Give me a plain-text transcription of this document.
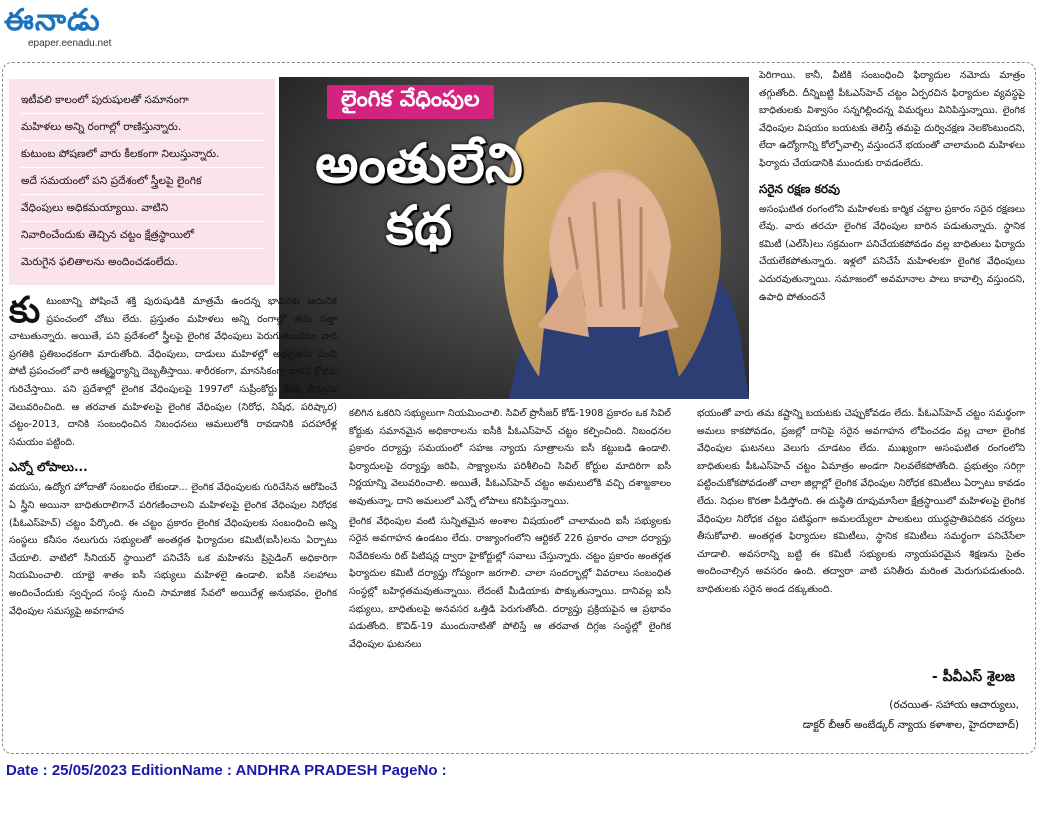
ఈనాడు
epaper.eenadu.net
ఇటీవలి కాలంలో పురుషులతో సమానంగా
మహిళలు అన్ని రంగాల్లో రాణిస్తున్నారు.
కుటుంబ పోషణలో వారు కీలకంగా నిలుస్తున్నారు.
అదే సమయంలో పని ప్రదేశంలో స్త్రీలపై లైంగిక
వేధింపులు అధికమయ్యాయి. వాటిని
నివారించేందుకు తెచ్చిన చట్టం క్షేత్రస్థాయిలో
మెరుగైన ఫలితాలను అందించడంలేదు.
లైంగిక వేధింపుల
అంతులేని
కథ

కుటుంబాన్ని పోషించే శక్తి పురుషుడికి మాత్రమే ఉందన్న భావనకు ఆధునిక ప్రపంచంలో చోటు లేదు. ప్రస్తుతం మహిళలు అన్ని రంగాల్లో తమ సత్తా చాటుతున్నారు. అయితే, పని ప్రదేశంలో స్త్రీలపై లైంగిక వేధింపులు పెరుగుతుండటం వారి ప్రగతికి ప్రతిబంధకంగా మారుతోంది. వేధింపులు, దాడులు మహిళల్లో అభద్రతను పెంచి పోటీ ప్రపంచంలో వారి ఆత్మస్థైర్యాన్ని దెబ్బతీస్తాయి. శారీరకంగా, మానసికంగా వారిని క్షోభకు గురిచేస్తాయి. పని ప్రదేశాల్లో లైంగిక వేధింపులపై 1997లో సుప్రీంకోర్టు కీలక తీర్పును వెలువరించింది. ఆ తరవాత మహిళలపై లైంగిక వేధింపుల (నిరోధ, నిషేధ, పరిష్కార) చట్టం-2013, దానికి సంబంధించిన నిబంధనలు ఆమలులోకి రావడానికి పదహారేళ్ల సమయం పట్టింది.

ఎన్నో లోపాలు...

వయసు, ఉద్యోగ హోదాతో సంబంధం లేకుండా... లైంగిక వేధింపులకు గురిచేసిన ఆరోపించే ఏ స్త్రీని అయినా బాధితురాలిగానే పరిగణించాలని మహిళలపై లైంగిక వేధింపుల నిరోధక (పీఓఎస్‌హెచ్‌) చట్టం పేర్కొంది. ఈ చట్టం ప్రకారం లైంగిక వేధింపులకు సంబంధించి అన్ని సంస్థలు కనీసం నలుగురు సభ్యులతో అంతర్గత ఫిర్యాదుల కమిటీ(ఐసీ)లను ఏర్పాటు చేయాలి. వాటిలో సీనియర్‌ స్థాయిలో పనిచేసే ఒక మహిళను ప్రిసైడింగ్‌ అధికారిగా నియమించాలి. యాభై శాతం ఐసీ సభ్యులు మహిళలై ఉండాలి. ఐసీకి సలహాలు అందించేందుకు స్వచ్ఛంద సంస్థ నుంచి సామాజిక సేవలో అయిదేళ్ల అనుభవం, లైంగిక వేధింపుల సమస్యపై అవగాహన

కలిగిన ఒకరిని సభ్యులుగా నియమించాలి. సివిల్‌ ప్రొసీజర్‌ కోడ్‌-1908 ప్రకారం ఒక సివిల్‌ కోర్టుకు సమానమైన అధికారాలను ఐసీకి పీఓఎస్‌హెచ్‌ చట్టం కల్పించింది. నిబంధనల ప్రకారం దర్యాప్తు సమయంలో సహజ న్యాయ సూత్రాలను ఐసీ కట్టుబడి ఉండాలి. ఫిర్యాదులపై దర్యాప్తు జరిపి, సాక్ష్యాలను పరిశీలించి సివిల్‌ కోర్టుల మాదిరిగా ఐసీ నిర్ణయాన్ని వెలువరించాలి. అయితే, పీఓఎస్‌హెచ్‌ చట్టం అమలులోకి వచ్చి దశాబ్దకాలం అవుతున్నా, దాని అమలులో ఎన్నో లోపాలు కనిపిస్తున్నాయి.

లైంగిక వేధింపుల వంటి సున్నితమైన అంశాల విషయంలో చాలామంది ఐసీ సభ్యులకు సరైన అవగాహన ఉండటం లేదు. రాజ్యాంగంలోని ఆర్టికల్‌ 226 ప్రకారం చాలా దర్యాప్తు నివేదికలను రిట్‌ పిటిషన్ల ద్వారా హైకోర్టుల్లో సవాలు చేస్తున్నారు. చట్టం ప్రకారం అంతర్గత ఫిర్యాదుల కమిటీ దర్యాప్తు గోప్యంగా జరగాలి. చాలా సందర్భాల్లో వివరాలు సంబంధిత సంస్థల్లో బహిర్గతమవుతున్నాయి. లేదంటే మీడియాకు పొక్కుతున్నాయి. దానివల్ల ఐసీ సభ్యులు, బాధితులపై అనవసర ఒత్తిడి పెరుగుతోంది. దర్యాప్తు ప్రక్రియపైన ఆ ప్రభావం పడుతోంది. కొవిడ్‌-19 ముందునాటితో పోలిస్తే ఆ తరవాత దిగ్గజ సంస్థల్లో లైంగిక వేధింపుల ఘటనలు

పెరిగాయి. కానీ, వీటికి సంబంధించి ఫిర్యాదుల నమోదు మాత్రం తగ్గుతోంది. దీన్నిబట్టి పీఓఎస్‌హెచ్‌ చట్టం ఏర్పరచిన ఫిర్యాదుల వ్యవస్థపై బాధితులకు విశ్వాసం సన్నగిల్లిందన్న విమర్శలు వినిపిస్తున్నాయి. లైంగిక వేధింపుల విషయం బయటకు తెలిస్తే తమపై దుర్విచక్షణ నెలకొంటుందని, లేదా ఉద్యోగాన్ని కోల్పోవాల్సి వస్తుందనే భయంతో చాలామంది మహిళలు ఫిర్యాదు చేయడానికి ముందుకు రావడంలేదు.

సరైన రక్షణ కరవు

అసంఘటిత రంగంలోని మహిళలకు కార్మిక చట్టాల ప్రకారం సరైన రక్షణలు లేవు. వారు తరచూ లైంగిక వేధింపుల బారిన పడుతున్నారు. స్థానిక కమిటీ (ఎల్‌సీ)లు సక్రమంగా పనిచేయకపోవడం వల్ల బాధితులు ఫిర్యాదు చేయలేకపోతున్నారు. ఇళ్లలో పనిచేసే మహిళలకూ లైంగిక వేధింపులు ఎదురవుతున్నాయి. సమాజంలో అవమానాల పాలు కావాల్సి వస్తుందని, ఉపాధి పోతుందనే

భయంతో వారు తమ కష్టాన్ని బయటకు చెప్పుకోవడం లేదు. పీఓఎస్‌హెచ్‌ చట్టం సమర్థంగా అమలు కాకపోవడం, ప్రజల్లో దానిపై సరైన అవగాహన లోపించడం వల్ల చాలా లైంగిక వేధింపుల ఘటనలు వెలుగు చూడటం లేదు. ముఖ్యంగా అసంఘటిత రంగంలోని బాధితులకు పీఓఎస్‌హెచ్‌ చట్టం ఏమాత్రం అండగా నిలవలేకపోతోంది. ప్రభుత్వం సరిగ్గా పట్టించుకోకపోవడంతో చాలా జిల్లాల్లో లైంగిక వేధింపుల నిరోధక కమిటీలు ఏర్పాటు కావడం లేదు. నిధుల కొరతా పీడిస్తోంది. ఈ దుస్థితి రూపుమాసేలా క్షేత్రస్థాయిలో మహిళలపై లైంగిక వేధింపుల నిరోధక చట్టం పటిష్ఠంగా అమలయ్యేలా పాలకులు యుద్ధప్రాతిపదికన చర్యలు తీసుకోవాలి. అంతర్గత ఫిర్యాదుల కమిటీలు, స్థానిక కమిటీలు సమర్థంగా పనిచేసేలా చూడాలి. అవసరాన్ని బట్టి ఈ కమిటీ సభ్యులకు న్యాయపరమైన శిక్షణను సైతం అందించాల్సిన అవసరం ఉంది. తద్వారా వాటి పనితీరు మరింత మెరుగుపడుతుంది. బాధితులకు సరైన అండ దక్కుతుంది.

- పీవీఎస్‌ శైలజ
(రచయిత- సహాయ ఆచార్యులు,
డాక్టర్‌ బీఆర్‌ అంబేడ్కర్‌ న్యాయ కళాశాల, హైదరాబాద్‌)
Date : 25/05/2023 EditionName : ANDHRA PRADESH PageNo :
